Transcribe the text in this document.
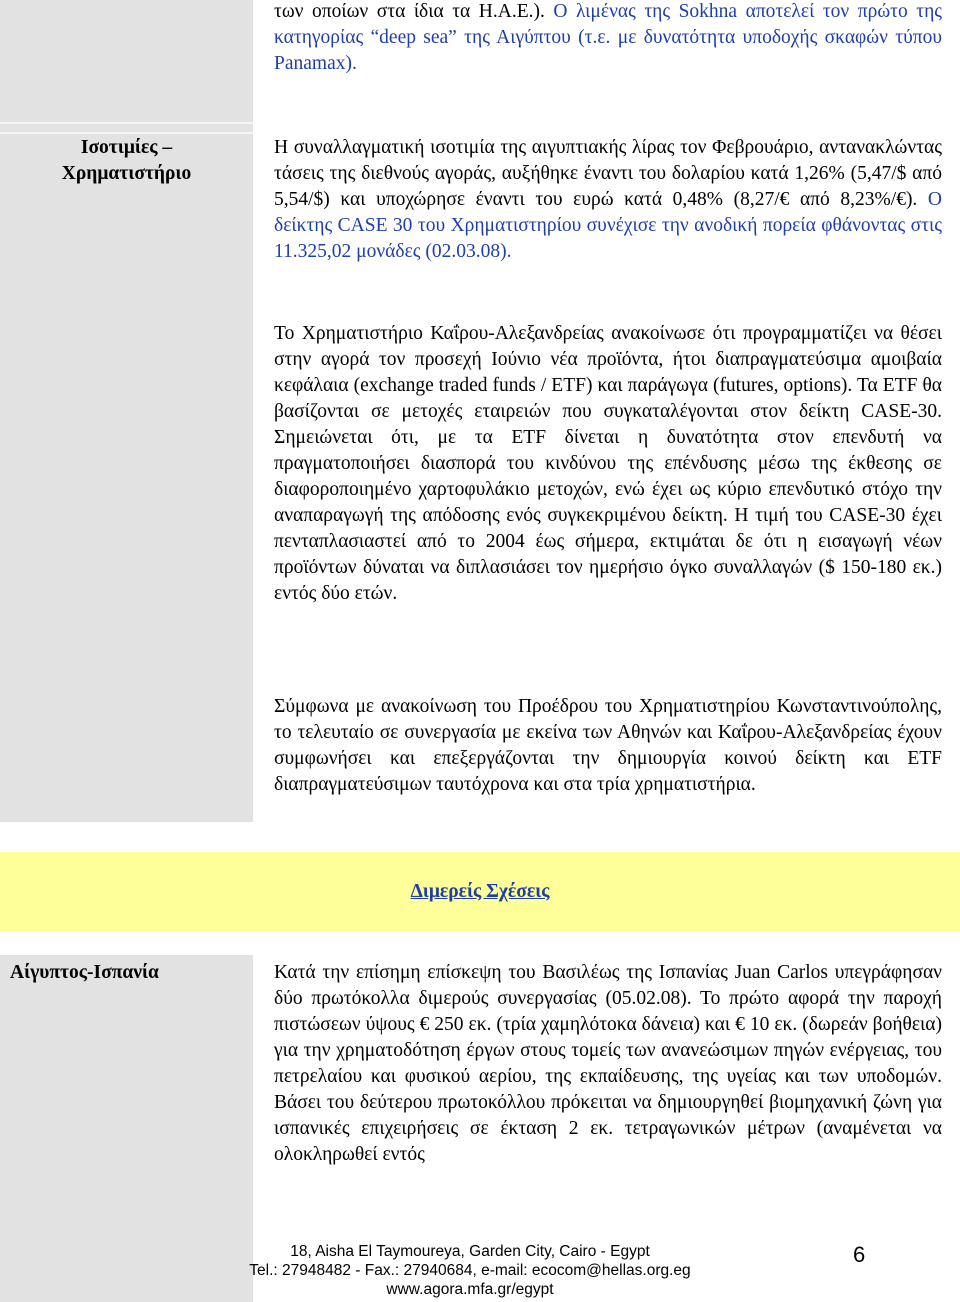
των οποίων στα ίδια τα Η.Α.Ε.). Ο λιμένας της Sokhna αποτελεί τον πρώτο της κατηγορίας “deep sea” της Αιγύπτου (τ.ε. με δυνατότητα υποδοχής σκαφών τύπου Panamax).

Ισοτιμίες –
Χρηματιστήριο

Η συναλλαγματική ισοτιμία της αιγυπτιακής λίρας τον Φεβρουάριο, αντανακλώντας τάσεις της διεθνούς αγοράς, αυξήθηκε έναντι του δολαρίου κατά 1,26% (5,47/$ από 5,54/$) και υποχώρησε έναντι του ευρώ κατά 0,48% (8,27/€ από 8,23%/€). Ο δείκτης CASE 30 του Χρηματιστηρίου συνέχισε την ανοδική πορεία φθάνοντας στις 11.325,02 μονάδες (02.03.08).

Το Χρηματιστήριο Καΐρου-Αλεξανδρείας ανακοίνωσε ότι προγραμματίζει να θέσει στην αγορά τον προσεχή Ιούνιο νέα προϊόντα, ήτοι διαπραγματεύσιμα αμοιβαία κεφάλαια (exchange traded funds / ETF) και παράγωγα (futures, options). Τα ETF θα βασίζονται σε μετοχές εταιρειών που συγκαταλέγονται στον δείκτη CASE-30. Σημειώνεται ότι, με τα ETF δίνεται η δυνατότητα στον επενδυτή να πραγματοποιήσει διασπορά του κινδύνου της επένδυσης μέσω της έκθεσης σε διαφοροποιημένο χαρτοφυλάκιο μετοχών, ενώ έχει ως κύριο επενδυτικό στόχο την αναπαραγωγή της απόδοσης ενός συγκεκριμένου δείκτη. Η τιμή του CASE-30 έχει πενταπλασιαστεί από το 2004 έως σήμερα, εκτιμάται δε ότι η εισαγωγή νέων προϊόντων δύναται να διπλασιάσει τον ημερήσιο όγκο συναλλαγών ($ 150-180 εκ.) εντός δύο ετών.

Σύμφωνα με ανακοίνωση του Προέδρου του Χρηματιστηρίου Κωνσταντινούπολης, το τελευταίο σε συνεργασία με εκείνα των Αθηνών και Καΐρου-Αλεξανδρείας έχουν συμφωνήσει και επεξεργάζονται την δημιουργία κοινού δείκτη και ETF διαπραγματεύσιμων ταυτόχρονα και στα τρία χρηματιστήρια.

Διμερείς Σχέσεις

Αίγυπτος-Ισπανία	Κατά την επίσημη επίσκεψη του Βασιλέως της Ισπανίας Juan Carlos υπεγράφησαν δύο πρωτόκολλα διμερούς συνεργασίας (05.02.08). Το πρώτο αφορά την παροχή πιστώσεων ύψους € 250 εκ. (τρία χαμηλότοκα δάνεια) και € 10 εκ. (δωρεάν βοήθεια) για την χρηματοδότηση έργων στους τομείς των ανανεώσιμων πηγών ενέργειας, του πετρελαίου και φυσικού αερίου, της εκπαίδευσης, της υγείας και των υποδομών. Βάσει του δεύτερου πρωτοκόλλου πρόκειται να δημιουργηθεί βιομηχανική ζώνη για ισπανικές επιχειρήσεις σε έκταση 2 εκ. τετραγωνικών μέτρων (αναμένεται να ολοκληρωθεί εντός

18, Aisha El Taymoureya, Garden City, Cairo - Egypt

Tel.: 27948482 - Fax.: 27940684, e-mail: ecocom@hellas.org.eg

www.agora.mfa.gr/egypt

6
